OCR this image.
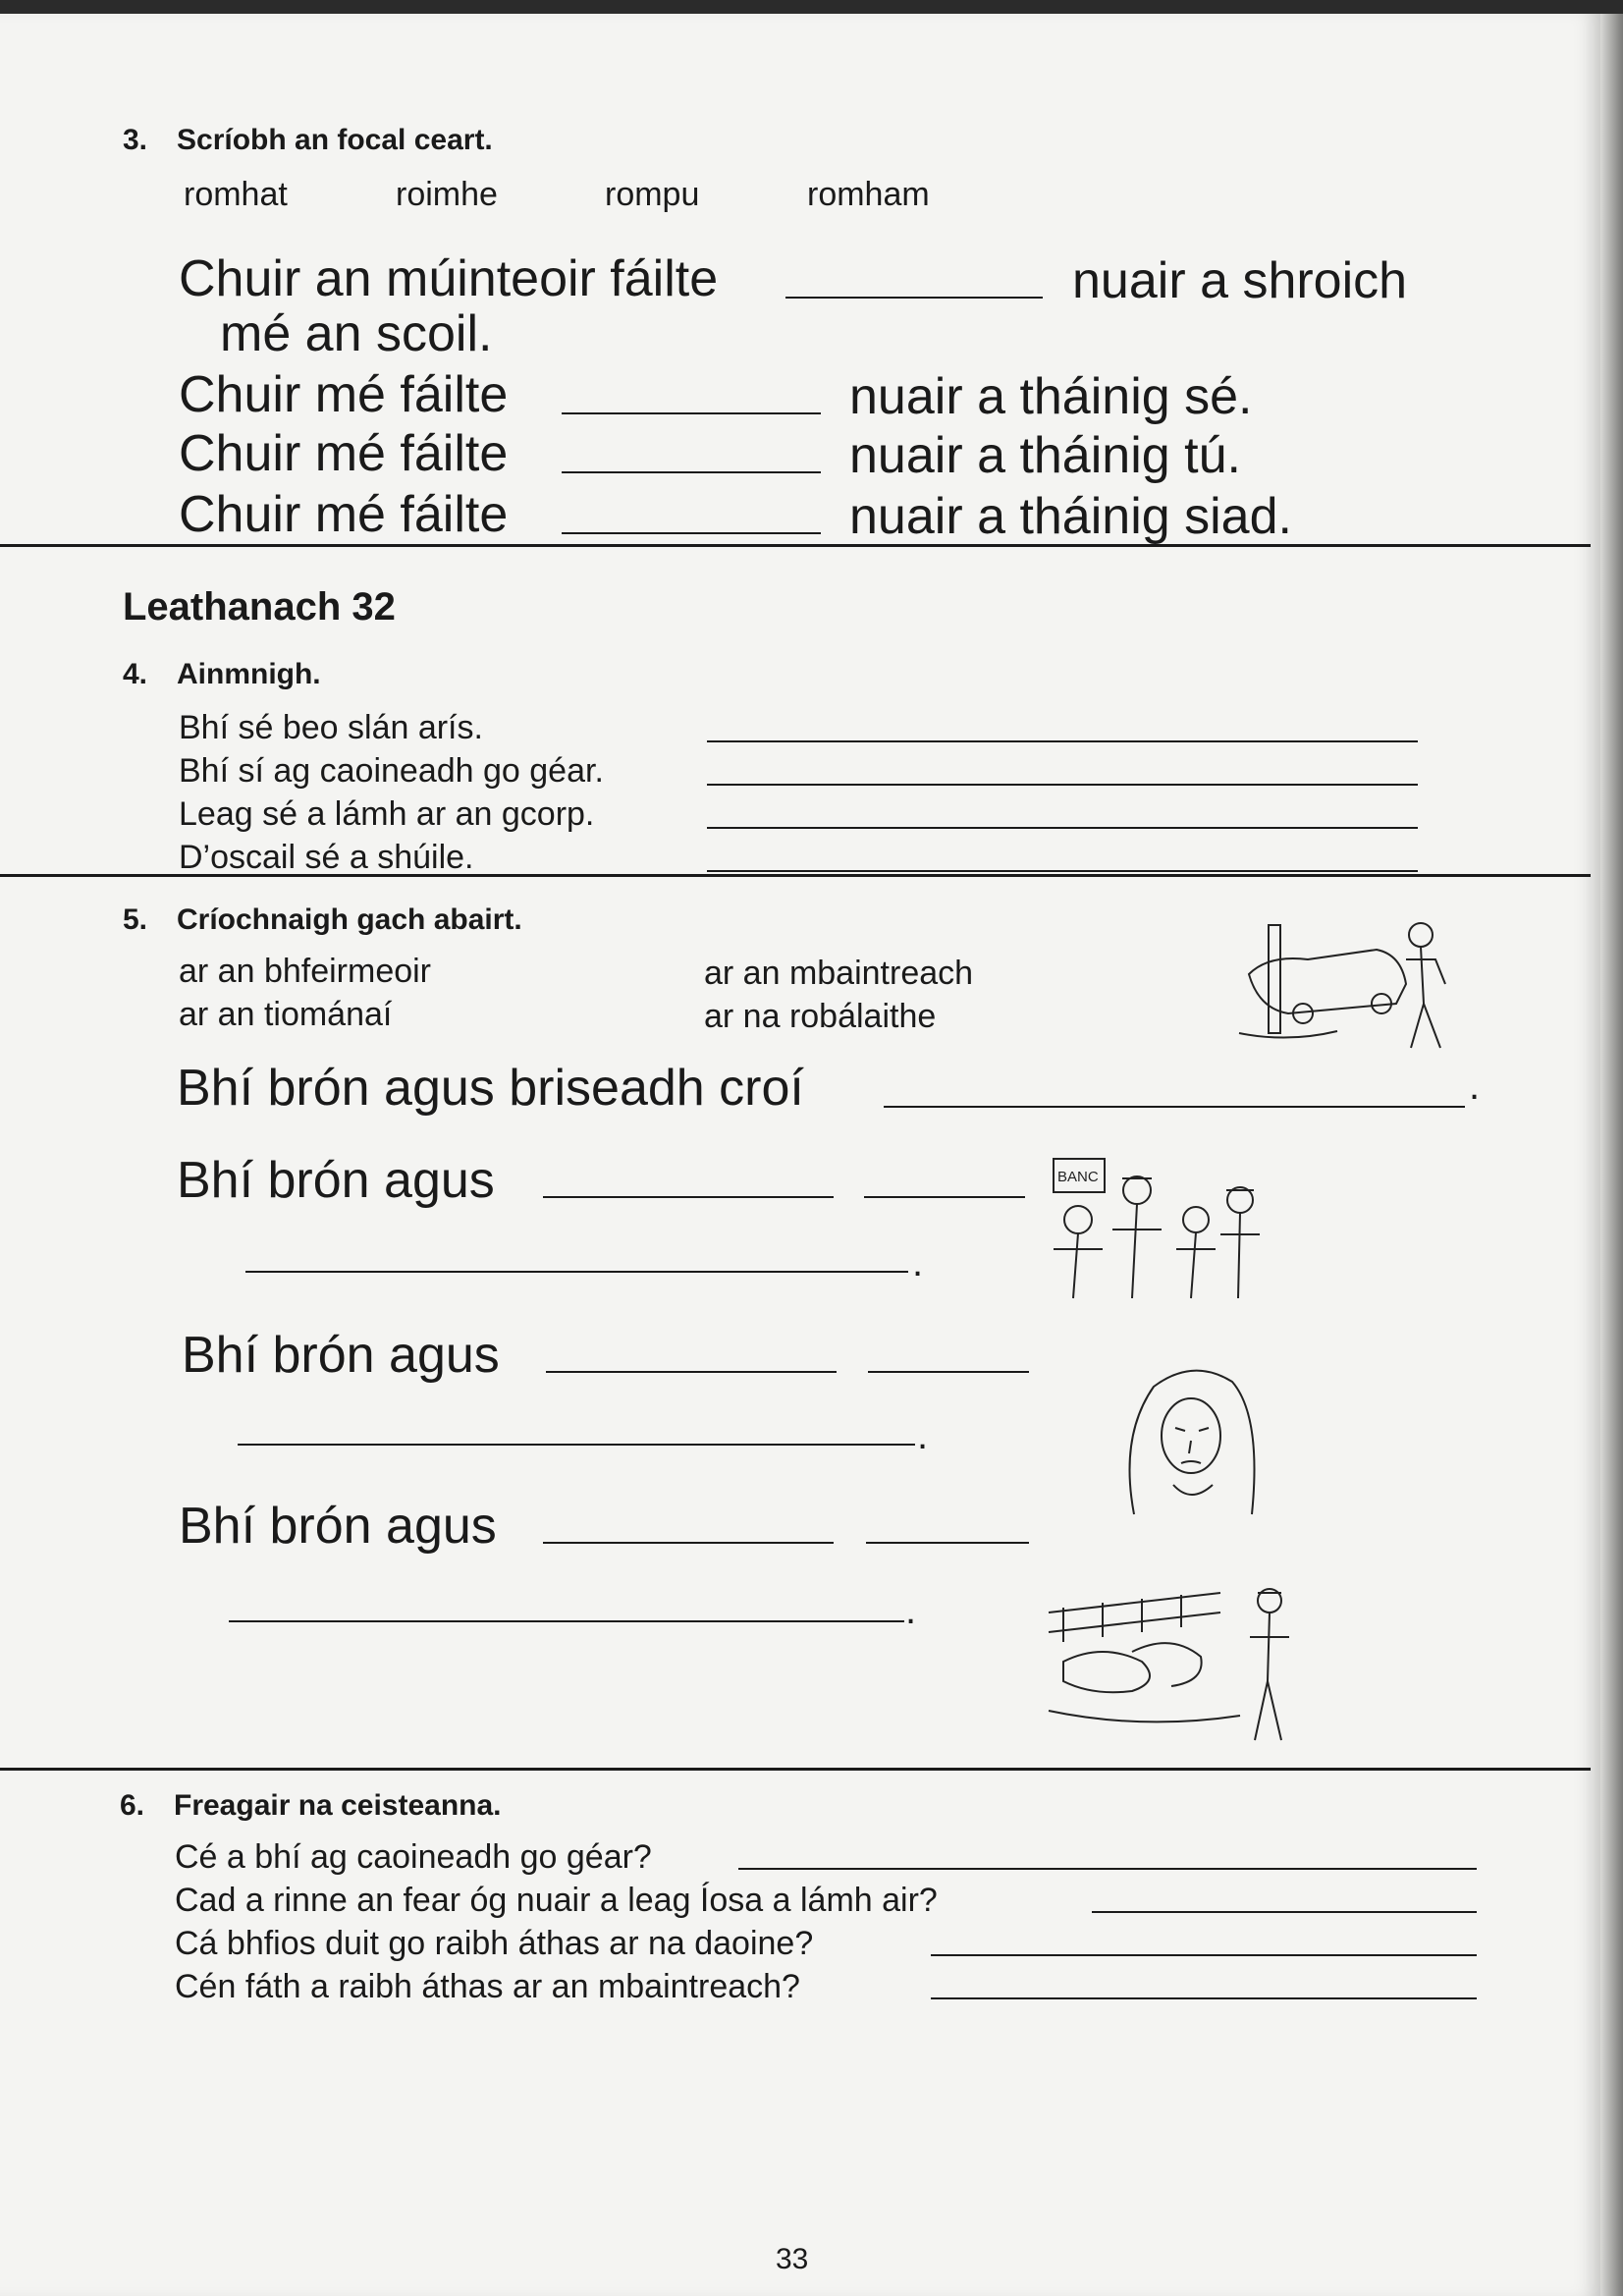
3. Scríobh an focal ceart.
romhat	roimhe	rompu	romham
Chuir an múinteoir fáilte	nuair a shroich
mé an scoil.
Chuir mé fáilte	nuair a tháinig sé.
Chuir mé fáilte	nuair a tháinig tú.
Chuir mé fáilte	nuair a tháinig siad.
Leathanach 32
4. Ainmnigh.
Bhí sé beo slán arís.
Bhí sí ag caoineadh go géar.
Leag sé a lámh ar an gcorp.
D’oscail sé a shúile.
5. Críochnaigh gach abairt.
ar an bhfeirmeoir	ar an mbaintreach
ar an tiománaí	ar na robálaithe
Bhí brón agus briseadh croí	.
Bhí brón agus
.
Bhí brón agus
.
Bhí brón agus
.
BANC
6. Freagair na ceisteanna.
Cé a bhí ag caoineadh go géar?
Cad a rinne an fear óg nuair a leag Íosa a lámh air?
Cá bhfios duit go raibh áthas ar na daoine?
Cén fáth a raibh áthas ar an mbaintreach?
33
